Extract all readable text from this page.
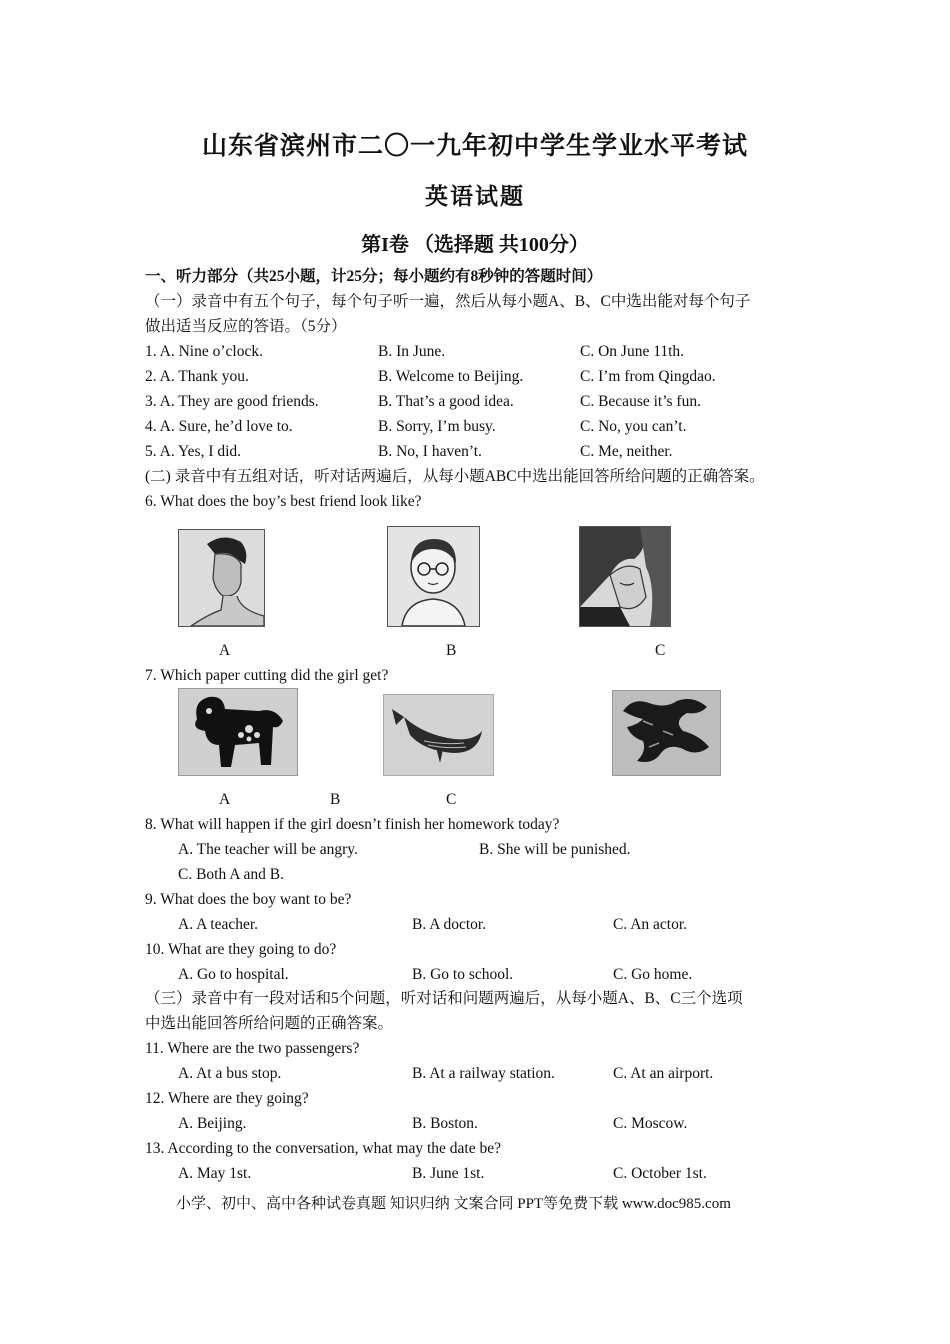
山东省滨州市二〇一九年初中学生学业水平考试
英语试题
第I卷 （选择题 共100分）
一、听力部分（共25小题，计25分；每小题约有8秒钟的答题时间）
（一）录音中有五个句子，每个句子听一遍，然后从每小题A、B、C中选出能对每个句子
做出适当反应的答语。（5分）
1. A. Nine o’clock.	B. In June.	C. On June 11th.
2. A. Thank you.	B. Welcome to Beijing.	C. I’m from Qingdao.
3. A. They are good friends.	B. That’s a good idea.	C. Because it’s fun.
4. A. Sure, he’d love to.	B. Sorry, I’m busy.	C. No, you can’t.
5. A. Yes, I did.	B. No, I haven’t.	C. Me, neither.
(二) 录音中有五组对话，听对话两遍后，从每小题ABC中选出能回答所给问题的正确答案。
6. What does the boy’s best friend look like?
A	B	C
7. Which paper cutting did the girl get?
A	B	C
8. What will happen if the girl doesn’t finish her homework today?
A. The teacher will be angry.	B. She will be punished.
C. Both A and B.
9. What does the boy want to be?
A. A teacher.	B. A doctor.	C. An actor.
10. What are they going to do?
A. Go to hospital.	B. Go to school.	C. Go home.
（三）录音中有一段对话和5个问题，听对话和问题两遍后，从每小题A、B、C三个选项
中选出能回答所给问题的正确答案。
11. Where are the two passengers?
A. At a bus stop.	B. At a railway station.	C. At an airport.
12. Where are they going?
A. Beijing.	B. Boston.	C. Moscow.
13. According to the conversation, what may the date be?
A. May 1st.	B. June 1st.	C. October 1st.
小学、初中、高中各种试卷真题 知识归纳 文案合同 PPT等免费下载 www.doc985.com
